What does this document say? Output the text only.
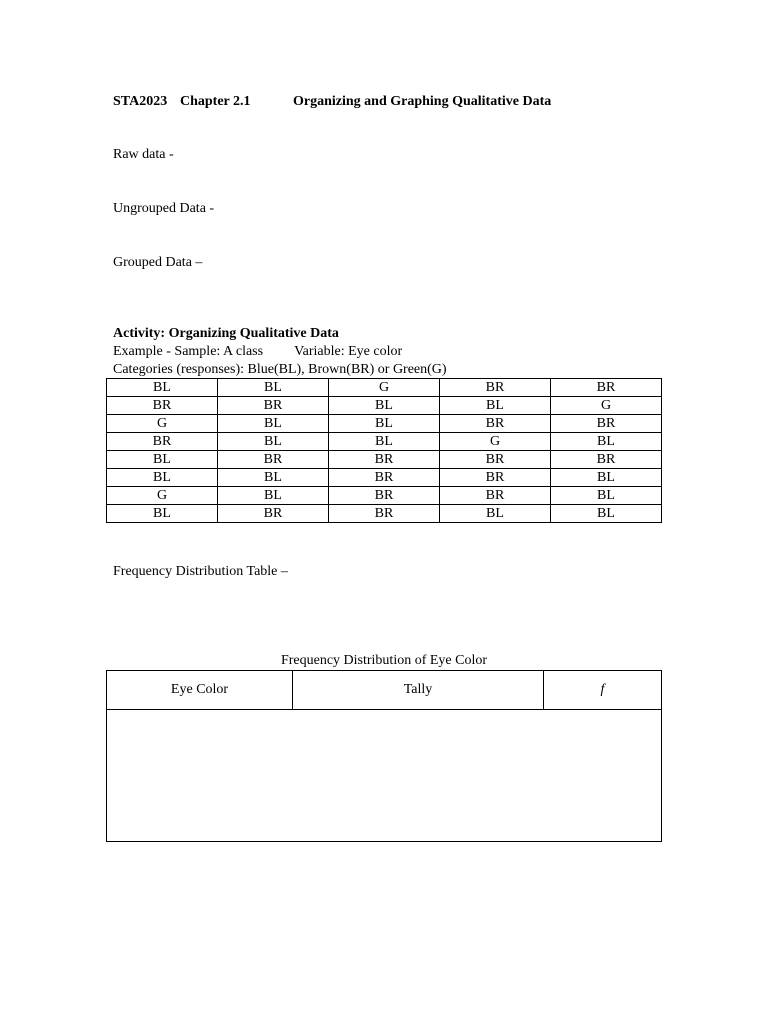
STA2023 Chapter 2.1	Organizing and Graphing Qualitative Data
Raw data -
Ungrouped Data -
Grouped Data –
Activity: Organizing Qualitative Data
Example - Sample: A class Variable: Eye color
Categories (responses): Blue(BL), Brown(BR) or Green(G)
BL	BL	G	BR	BR
BR	BR	BL	BL	G
G	BL	BL	BR	BR
BR	BL	BL	G	BL
BL	BR	BR	BR	BR
BL	BL	BR	BR	BL
G	BL	BR	BR	BL
BL	BR	BR	BL	BL
Frequency Distribution Table –
Frequency Distribution of Eye Color
Eye Color	Tally	f
